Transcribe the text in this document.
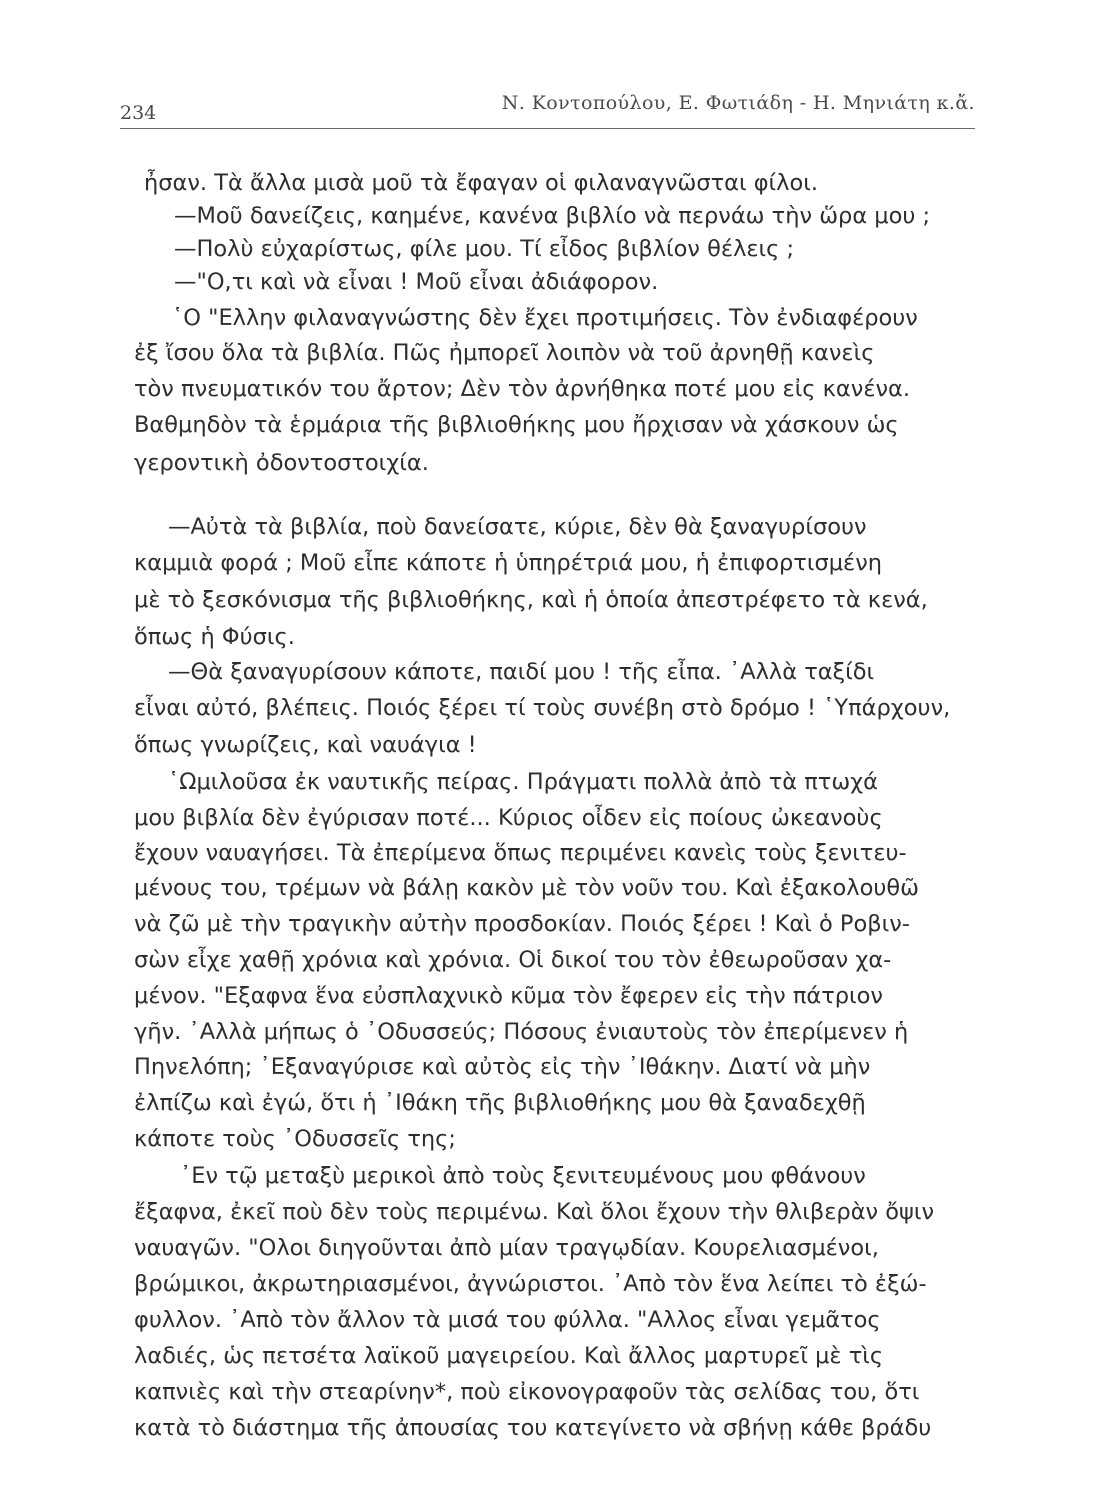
234	Ν. Κοντοπούλου, Ε. Φωτιάδη - Η. Μηνιάτη κ.ἄ.
ἦσαν. Τὰ ἄλλα μισὰ μοῦ τὰ ἔφαγαν οἱ φιλαναγνῶσται φίλοι.
—Μοῦ δανείζεις, καημένε, κανένα βιβλίο νὰ περνάω τὴν ὥρα μου ;
—Πολὺ εὐχαρίστως, φίλε μου. Τί εἶδος βιβλίον θέλεις ;
—"Ο,τι καὶ νὰ εἶναι ! Μοῦ εἶναι ἀδιάφορον.
῾Ο "Ελλην φιλαναγνώστης δὲν ἔχει προτιμήσεις. Τὸν ἐνδιαφέρουν
ἐξ ἴσου ὅλα τὰ βιβλία. Πῶς ἠμπορεῖ λοιπὸν νὰ τοῦ ἀρνηθῇ κανεὶς
τὸν πνευματικόν του ἄρτον; Δὲν τὸν ἀρνήθηκα ποτέ μου εἰς κανένα.
Βαθμηδὸν τὰ ἑρμάρια τῆς βιβλιοθήκης μου ἤρχισαν νὰ χάσκουν ὡς
γεροντικὴ ὀδοντοστοιχία.
—Αὐτὰ τὰ βιβλία, ποὺ δανείσατε, κύριε, δὲν θὰ ξαναγυρίσουν
καμμιὰ φορά ; Μοῦ εἶπε κάποτε ἡ ὑπηρέτριά μου, ἡ ἐπιφορτισμένη
μὲ τὸ ξεσκόνισμα τῆς βιβλιοθήκης, καὶ ἡ ὁποία ἀπεστρέφετο τὰ κενά,
ὅπως ἡ Φύσις.
—Θὰ ξαναγυρίσουν κάποτε, παιδί μου ! τῆς εἶπα. ᾿Αλλὰ ταξίδι
εἶναι αὐτό, βλέπεις. Ποιός ξέρει τί τοὺς συνέβη στὸ δρόμο ! ῾Υπάρχουν,
ὅπως γνωρίζεις, καὶ ναυάγια !
῾Ωμιλοῦσα ἐκ ναυτικῆς πείρας. Πράγματι πολλὰ ἀπὸ τὰ πτωχά
μου βιβλία δὲν ἐγύρισαν ποτέ... Κύριος οἶδεν εἰς ποίους ὠκεανοὺς
ἔχουν ναυαγήσει. Τὰ ἐπερίμενα ὅπως περιμένει κανεὶς τοὺς ξενιτευ-
μένους του, τρέμων νὰ βάλῃ κακὸν μὲ τὸν νοῦν του. Καὶ ἐξακολουθῶ
νὰ ζῶ μὲ τὴν τραγικὴν αὐτὴν προσδοκίαν. Ποιός ξέρει ! Καὶ ὁ Ροβιν-
σὼν εἶχε χαθῇ χρόνια καὶ χρόνια. Οἱ δικοί του τὸν ἐθεωροῦσαν χα-
μένον. "Εξαφνα ἕνα εὐσπλαχνικὸ κῦμα τὸν ἔφερεν εἰς τὴν πάτριον
γῆν. ᾿Αλλὰ μήπως ὁ ᾿Οδυσσεύς; Πόσους ἐνιαυτοὺς τὸν ἐπερίμενεν ἡ
Πηνελόπη; ᾿Εξαναγύρισε καὶ αὐτὸς εἰς τὴν ᾿Ιθάκην. Διατί νὰ μὴν
ἐλπίζω καὶ ἐγώ, ὅτι ἡ ᾿Ιθάκη τῆς βιβλιοθήκης μου θὰ ξαναδεχθῇ
κάποτε τοὺς ᾿Οδυσσεῖς της;
᾿Εν τῷ μεταξὺ μερικοὶ ἀπὸ τοὺς ξενιτευμένους μου φθάνουν
ἔξαφνα, ἐκεῖ ποὺ δὲν τοὺς περιμένω. Καὶ ὅλοι ἔχουν τὴν θλιβερὰν ὄψιν
ναυαγῶν. "Ολοι διηγοῦνται ἀπὸ μίαν τραγῳδίαν. Κουρελιασμένοι,
βρώμικοι, ἀκρωτηριασμένοι, ἀγνώριστοι. ᾿Απὸ τὸν ἕνα λείπει τὸ ἐξώ-
φυλλον. ᾿Απὸ τὸν ἄλλον τὰ μισά του φύλλα. "Αλλος εἶναι γεμᾶτος
λαδιές, ὡς πετσέτα λαϊκοῦ μαγειρείου. Καὶ ἄλλος μαρτυρεῖ μὲ τὶς
καπνιὲς καὶ τὴν στεαρίνην*, ποὺ εἰκονογραφοῦν τὰς σελίδας του, ὅτι
κατὰ τὸ διάστημα τῆς ἀπουσίας του κατεγίνετο νὰ σβήνῃ κάθε βράδυ
